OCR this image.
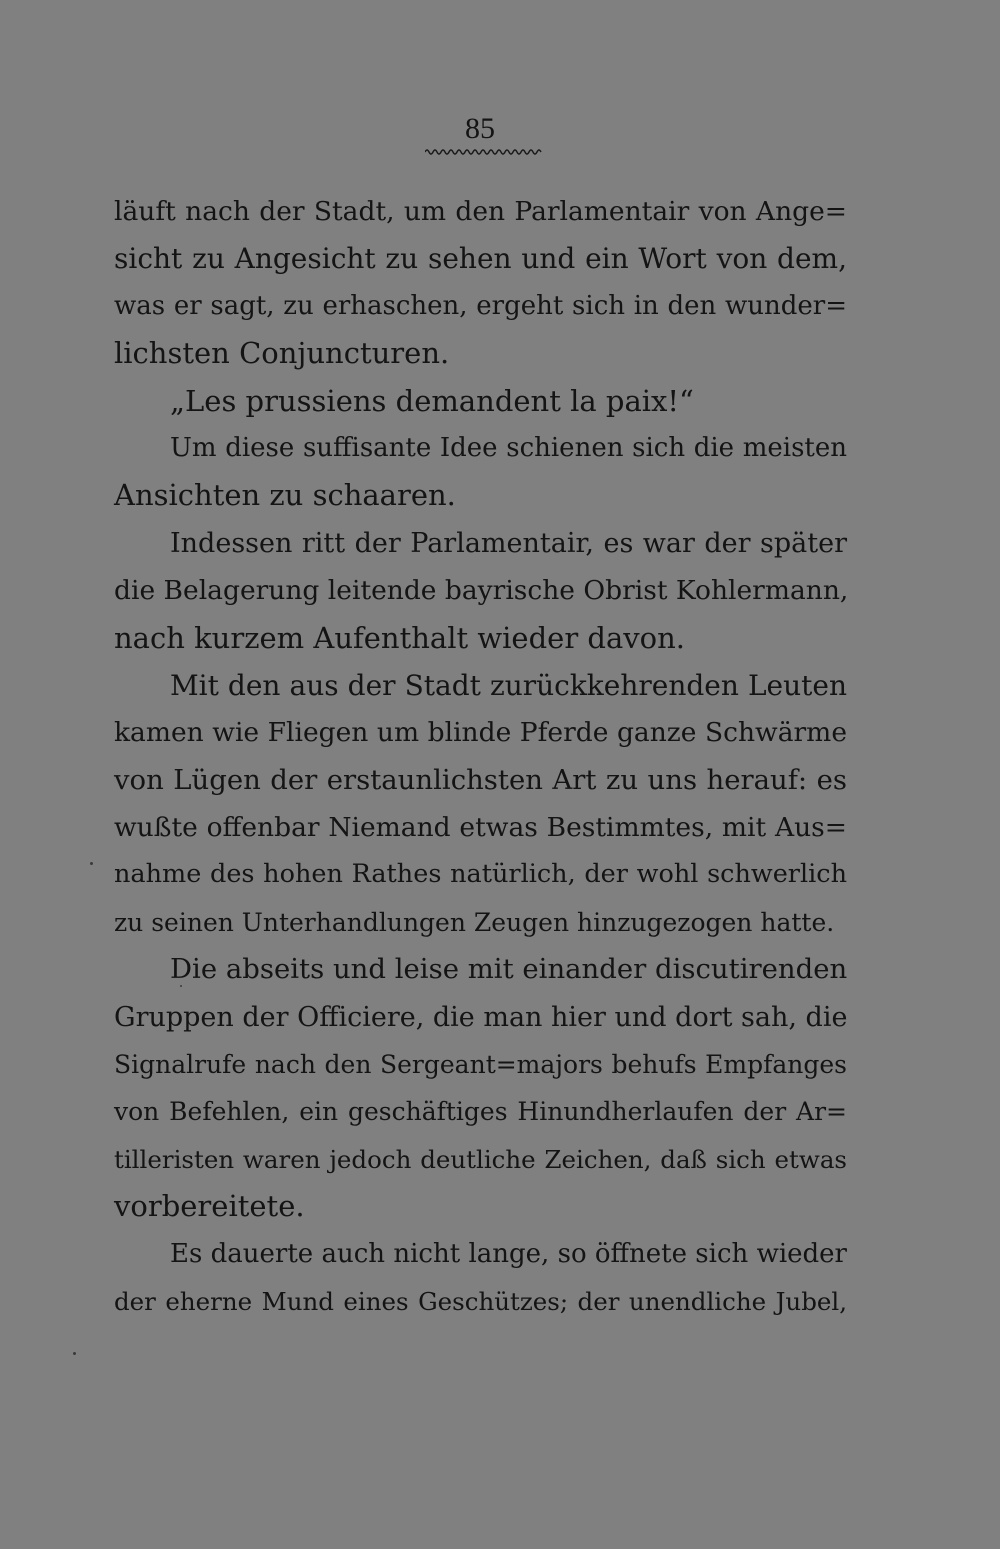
85
läuft nach der Stadt, um den Parlamentair von Ange=
sicht zu Angesicht zu sehen und ein Wort von dem,
was er sagt, zu erhaschen, ergeht sich in den wunder=
lichsten Conjuncturen.
„Les prussiens demandent la paix!“
Um diese suffisante Idee schienen sich die meisten
Ansichten zu schaaren.
Indessen ritt der Parlamentair, es war der später
die Belagerung leitende bayrische Obrist Kohlermann,
nach kurzem Aufenthalt wieder davon.
Mit den aus der Stadt zurückkehrenden Leuten
kamen wie Fliegen um blinde Pferde ganze Schwärme
von Lügen der erstaunlichsten Art zu uns herauf: es
wußte offenbar Niemand etwas Bestimmtes, mit Aus=
nahme des hohen Rathes natürlich, der wohl schwerlich
zu seinen Unterhandlungen Zeugen hinzugezogen hatte.
Die abseits und leise mit einander discutirenden
Gruppen der Officiere, die man hier und dort sah, die
Signalrufe nach den Sergeant=majors behufs Empfanges
von Befehlen, ein geschäftiges Hinundherlaufen der Ar=
tilleristen waren jedoch deutliche Zeichen, daß sich etwas
vorbereitete.
Es dauerte auch nicht lange, so öffnete sich wieder
der eherne Mund eines Geschützes; der unendliche Jubel,
